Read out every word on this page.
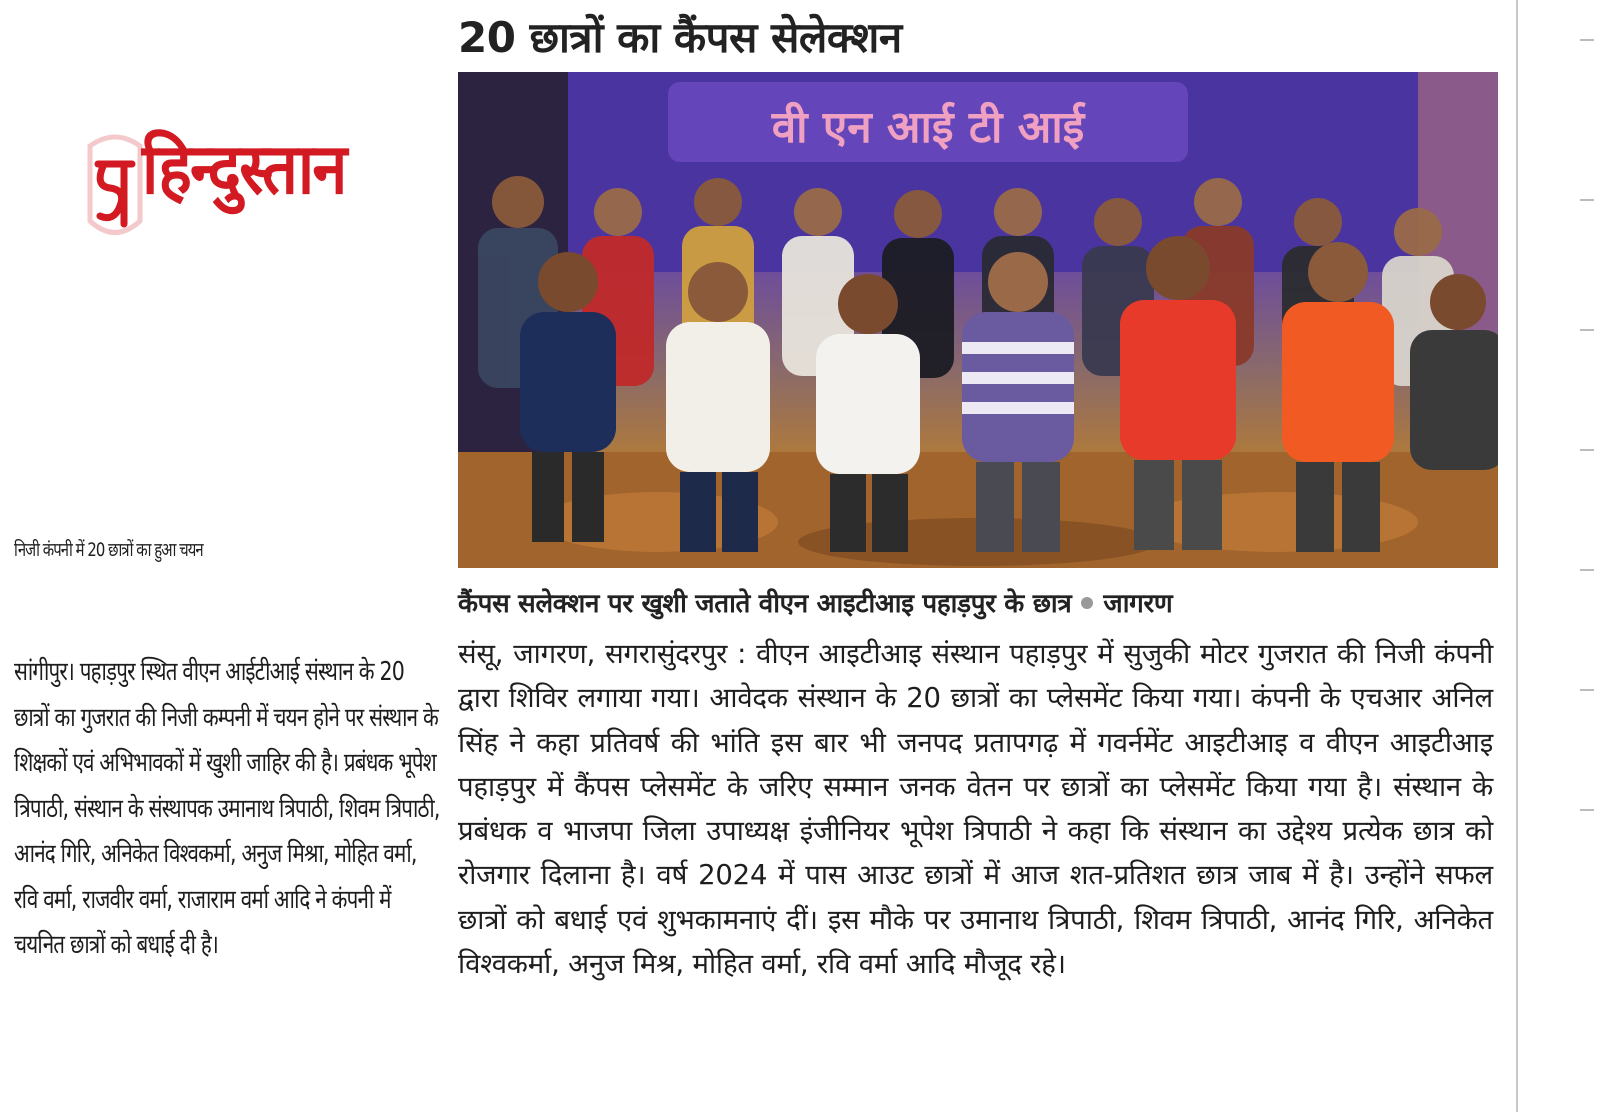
हिन्दुस्तान
निजी कंपनी में 20 छात्रों का हुआ चयन
सांगीपुर। पहाड़पुर स्थित वीएन आईटीआई संस्थान के 20 छात्रों का गुजरात की निजी कम्पनी में चयन होने पर संस्थान के शिक्षकों एवं अभिभावकों में खुशी जाहिर की है। प्रबंधक भूपेश त्रिपाठी, संस्थान के संस्थापक उमानाथ त्रिपाठी, शिवम त्रिपाठी, आनंद गिरि, अनिकेत विश्वकर्मा, अनुज मिश्रा, मोहित वर्मा, रवि वर्मा, राजवीर वर्मा, राजाराम वर्मा आदि ने कंपनी में चयनित छात्रों को बधाई दी है।
20 छात्रों का कैंपस सेलेक्शन
वी एन आई टी आई
कैंपस सलेक्शन पर खुशी जताते वीएन आइटीआइ पहाड़पुर के छात्र जागरण
संसू, जागरण, सगरासुंदरपुर : वीएन आइटीआइ संस्थान पहाड़पुर में सुजुकी मोटर गुजरात की निजी कंपनी द्वारा शिविर लगाया गया। आवेदक संस्थान के 20 छात्रों का प्लेसमेंट किया गया। कंपनी के एचआर अनिल सिंह ने कहा प्रतिवर्ष की भांति इस बार भी जनपद प्रतापगढ़ में गवर्नमेंट आइटीआइ व वीएन आइटीआइ पहाड़पुर में कैंपस प्लेसमेंट के जरिए सम्मान जनक वेतन पर छात्रों का प्लेसमेंट किया गया है। संस्थान के प्रबंधक व भाजपा जिला उपाध्यक्ष इंजीनियर भूपेश त्रिपाठी ने कहा कि संस्थान का उद्देश्य प्रत्येक छात्र को रोजगार दिलाना है। वर्ष 2024 में पास आउट छात्रों में आज शत-प्रतिशत छात्र जाब में है। उन्होंने सफल छात्रों को बधाई एवं शुभकामनाएं दीं। इस मौके पर उमानाथ त्रिपाठी, शिवम त्रिपाठी, आनंद गिरि, अनिकेत विश्वकर्मा, अनुज मिश्र, मोहित वर्मा, रवि वर्मा आदि मौजूद रहे।
